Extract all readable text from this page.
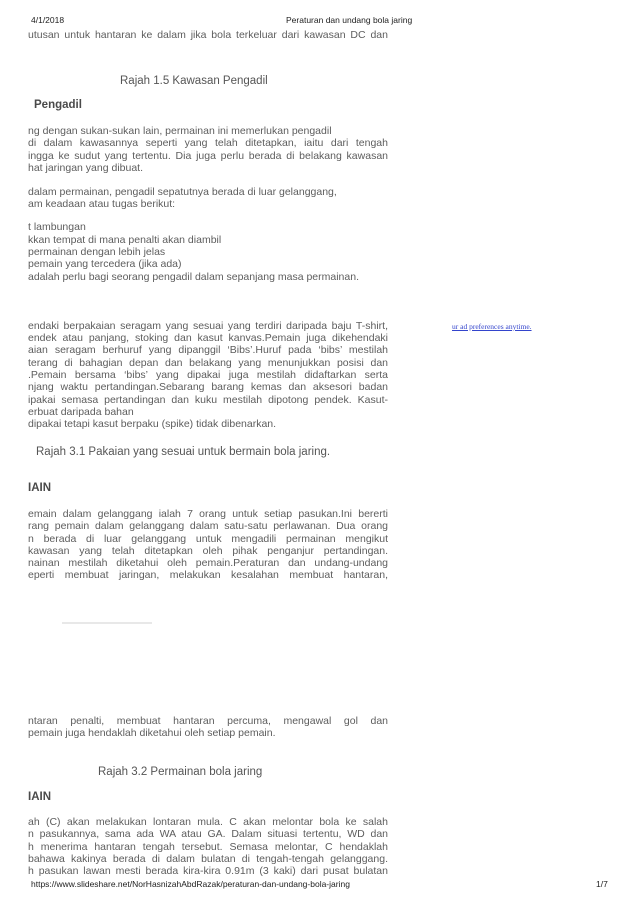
4/1/2018	Peraturan dan undang bola jaring
ur ad preferences anytime.
utusan untuk hantaran ke dalam jika bola terkeluar dari kawasan DC dan
Rajah 1.5 Kawasan Pengadil
Pengadil
ng dengan sukan-sukan lain, permainan ini memerlukan pengadil
di dalam kawasannya seperti yang telah ditetapkan, iaitu dari tengah
ingga ke sudut yang tertentu. Dia juga perlu berada di belakang kawasan
hat jaringan yang dibuat.
dalam permainan, pengadil sepatutnya berada di luar gelanggang,
am keadaan atau tugas berikut:
t lambungan
kkan tempat di mana penalti akan diambil
permainan dengan lebih jelas
pemain yang tercedera (jika ada)
adalah perlu bagi seorang pengadil dalam sepanjang masa permainan.
endaki berpakaian seragam yang sesuai yang terdiri daripada baju T-shirt,
endek atau panjang, stoking dan kasut kanvas.Pemain juga dikehendaki
aian seragam berhuruf yang dipanggil ‘Bibs’.Huruf pada ‘bibs’ mestilah
terang di bahagian depan dan belakang yang menunjukkan posisi dan
.Pemain bersama ‘bibs’ yang dipakai juga mestilah didaftarkan serta
njang waktu pertandingan.Sebarang barang kemas dan aksesori badan
ipakai semasa pertandingan dan kuku mestilah dipotong pendek. Kasut-
erbuat daripada bahan
dipakai tetapi kasut berpaku (spike) tidak dibenarkan.
Rajah 3.1 Pakaian yang sesuai untuk bermain bola jaring.
IAIN
emain dalam gelanggang ialah 7 orang untuk setiap pasukan.Ini bererti
rang pemain dalam gelanggang dalam satu-satu perlawanan. Dua orang
n berada di luar gelanggang untuk mengadili permainan mengikut
kawasan yang telah ditetapkan oleh pihak penganjur pertandingan.
nainan mestilah diketahui oleh pemain.Peraturan dan undang-undang
eperti membuat jaringan, melakukan kesalahan membuat hantaran,
ntaran penalti, membuat hantaran percuma, mengawal gol dan
pemain juga hendaklah diketahui oleh setiap pemain.
Rajah 3.2 Permainan bola jaring
IAIN
ah (C) akan melakukan lontaran mula. C akan melontar bola ke salah
n pasukannya, sama ada WA atau GA. Dalam situasi tertentu, WD dan
h menerima hantaran tengah tersebut. Semasa melontar, C hendaklah
bahawa kakinya berada di dalam bulatan di tengah-tengah gelanggang.
h pasukan lawan mesti berada kira-kira 0.91m (3 kaki) dari pusat bulatan
https://www.slideshare.net/NorHasnizahAbdRazak/peraturan-dan-undang-bola-jaring	1/7
